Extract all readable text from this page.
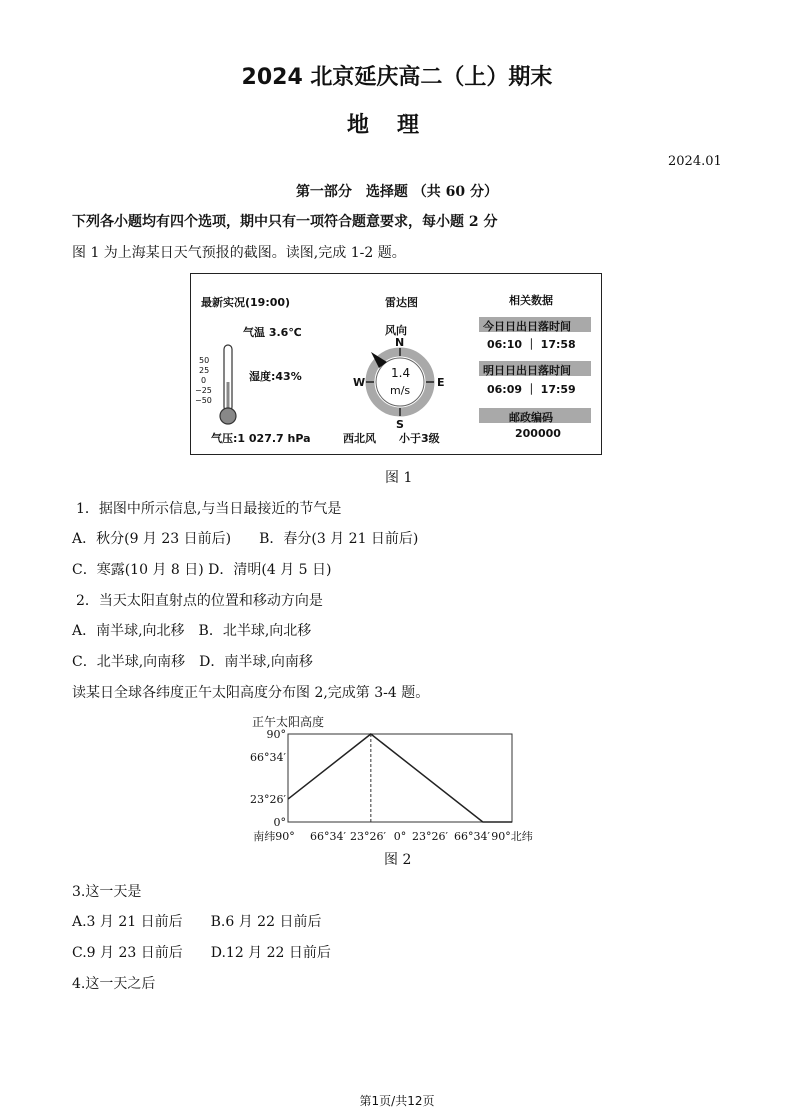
2024 北京延庆高二（上）期末
地理
2024.01
第一部分　选择题 （共 60 分）
下列各小题均有四个选项，期中只有一项符合题意要求，每小题 2 分
图 1 为上海某日天气预报的截图。读图,完成 1-2 题。
最新实况(19:00)
气温 3.6℃
湿度:43%
气压:1 027.7 hPa
50
25
0
−25
−50
雷达图
风向
N
S
W	E
1.4
m/s
西北风 小于3级
相关数据
今日日出日落时间
06:10 ｜ 17:58
明日日出日落时间
06:09 ｜ 17:59
邮政编码
200000
图 1
1．据图中所示信息,与当日最接近的节气是
A．秋分(9 月 23 日前后)　　B．春分(3 月 21 日前后)
C．寒露(10 月 8 日) D．清明(4 月 5 日)
2．当天太阳直射点的位置和移动方向是
A．南半球,向北移　B．北半球,向北移
C．北半球,向南移　D．南半球,向南移
读某日全球各纬度正午太阳高度分布图 2,完成第 3-4 题。
正午太阳高度
90°
66°34′
23°26′
0°
南纬90° 66°34′ 23°26′ 0° 23°26′ 66°34′ 90°北纬
图 2
3.这一天是
A.3 月 21 日前后　　B.6 月 22 日前后
C.9 月 23 日前后　　D.12 月 22 日前后
4.这一天之后
第1页/共12页
